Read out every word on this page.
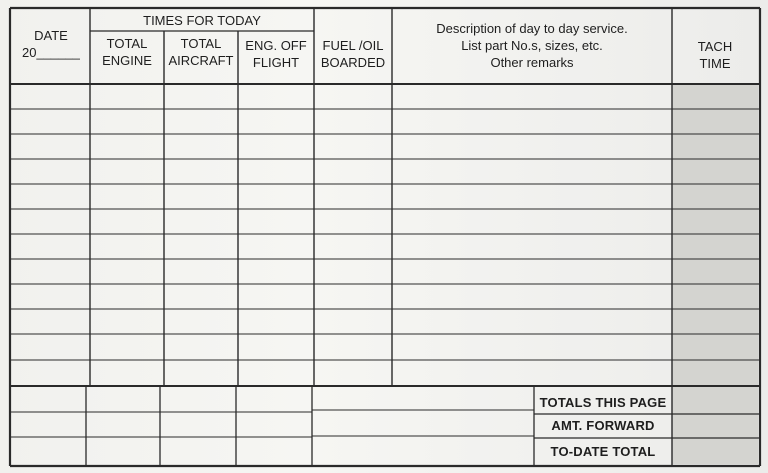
DATE
20______
TIMES FOR TODAY
TOTAL
ENGINE
TOTAL
AIRCRAFT
ENG. OFF
FLIGHT
FUEL /OIL
BOARDED
Description of day to day service.
List part No.s, sizes, etc.
Other remarks
TACH
TIME
TOTALS THIS PAGE
AMT. FORWARD
TO-DATE TOTAL
